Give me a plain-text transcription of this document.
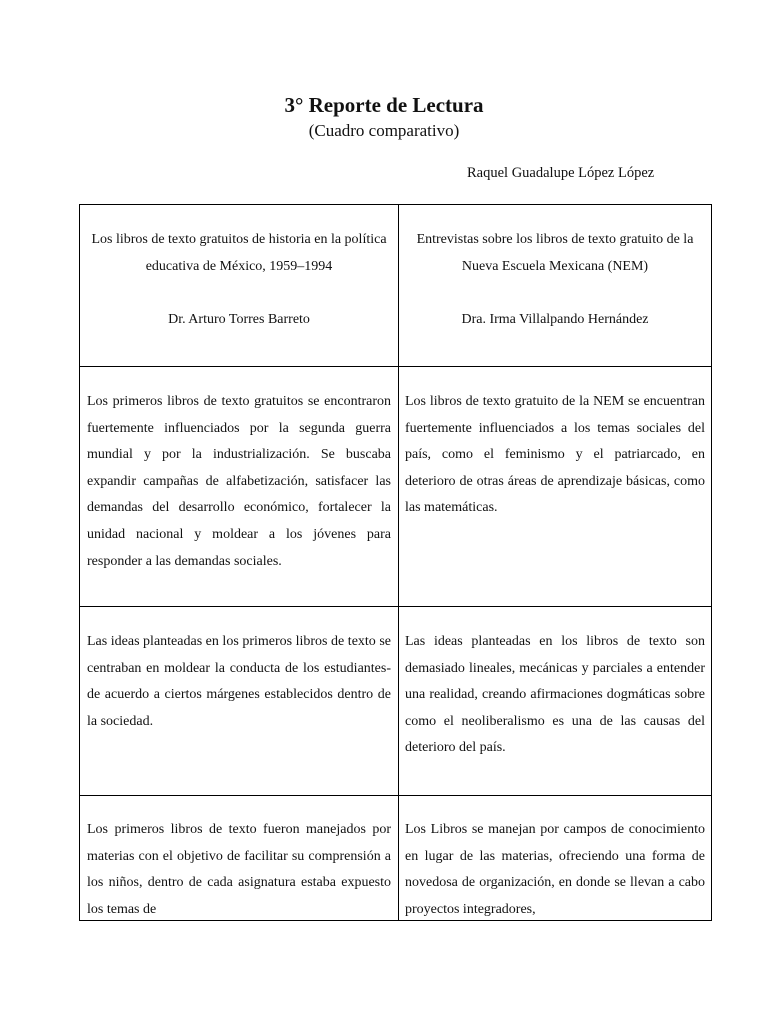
3° Reporte de Lectura
(Cuadro comparativo)
Raquel Guadalupe López López

Los libros de texto gratuitos de historia en la política educativa de México, 1959–1994

Dr. Arturo Torres Barreto

Entrevistas sobre los libros de texto gratuito de la Nueva Escuela Mexicana (NEM)

Dra. Irma Villalpando Hernández

Los primeros libros de texto gratuitos se encontraron fuertemente influenciados por la segunda guerra mundial y por la industrialización. Se buscaba expandir campañas de alfabetización, satisfacer las demandas del desarrollo económico, fortalecer la unidad nacional y moldear a los jóvenes para responder a las demandas sociales.
Los libros de texto gratuito de la NEM se encuentran fuertemente influenciados a los temas sociales del país, como el feminismo y el patriarcado, en deterioro de otras áreas de aprendizaje básicas, como las matemáticas.
Las ideas planteadas en los primeros libros de texto se centraban en moldear la conducta de los estudiantes- de acuerdo a ciertos márgenes establecidos dentro de la sociedad.
Las ideas planteadas en los libros de texto son demasiado lineales, mecánicas y parciales a entender una realidad, creando afirmaciones dogmáticas sobre como el neoliberalismo es una de las causas del deterioro del país.
Los primeros libros de texto fueron manejados por materias con el objetivo de facilitar su comprensión a los niños, dentro de cada asignatura estaba expuesto los temas de
Los Libros se manejan por campos de conocimiento en lugar de las materias, ofreciendo una forma de novedosa de organización, en donde se llevan a cabo proyectos integradores,
